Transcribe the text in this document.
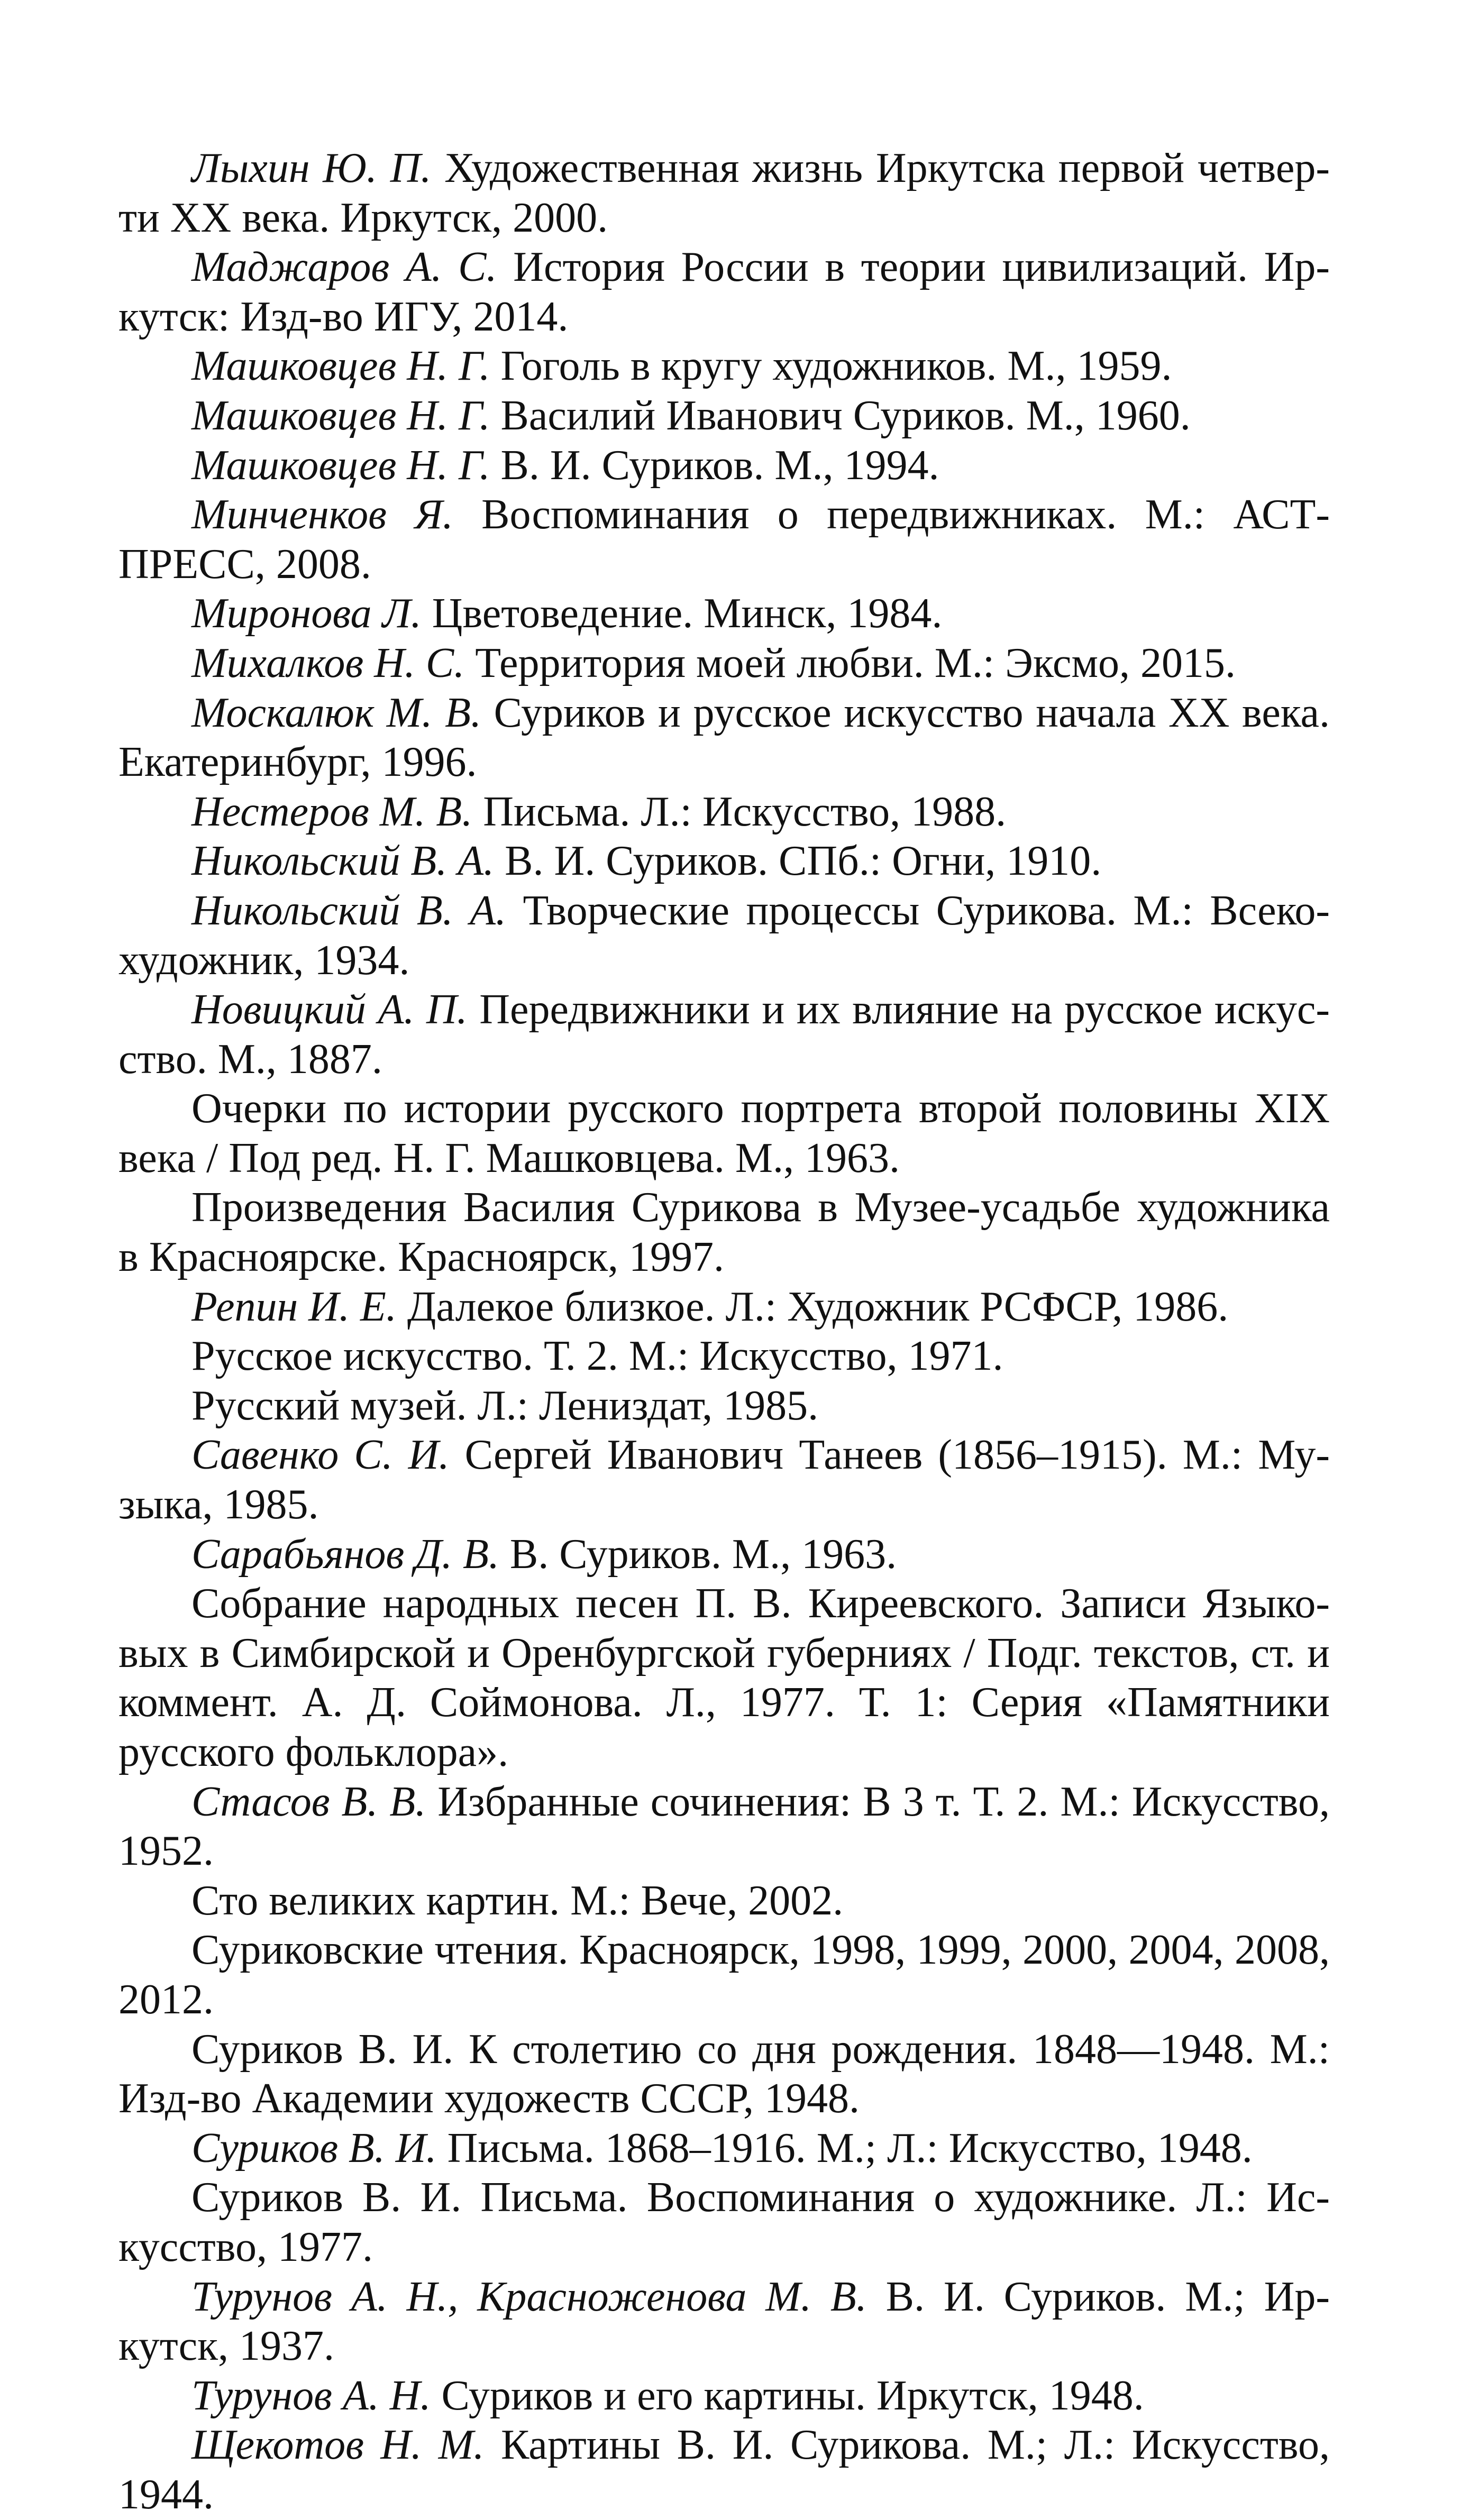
Лыхин Ю. П. Художественная жизнь Иркутска первой четверти XX века. Иркутск, 2000.
Маджаров А. С. История России в теории цивилизаций. Иркутск: Изд-во ИГУ, 2014.
Машковцев Н. Г. Гоголь в кругу художников. М., 1959.
Машковцев Н. Г. Василий Иванович Суриков. М., 1960.
Машковцев Н. Г. В. И. Суриков. М., 1994.
Минченков Я. Воспоминания о передвижниках. М.: АСТ-ПРЕСС, 2008.
Миронова Л. Цветоведение. Минск, 1984.
Михалков Н. С. Территория моей любви. М.: Эксмо, 2015.
Москалюк М. В. Суриков и русское искусство начала XX века. Екатеринбург, 1996.
Нестеров М. В. Письма. Л.: Искусство, 1988.
Никольский В. А. В. И. Суриков. СПб.: Огни, 1910.
Никольский В. А. Творческие процессы Сурикова. М.: Всекохудожник, 1934.
Новицкий А. П. Передвижники и их влияние на русское искусство. М., 1887.
Очерки по истории русского портрета второй половины XIX века / Под ред. Н. Г. Машковцева. М., 1963.
Произведения Василия Сурикова в Музее-усадьбе художника в Красноярске. Красноярск, 1997.
Репин И. Е. Далекое близкое. Л.: Художник РСФСР, 1986.
Русское искусство. Т. 2. М.: Искусство, 1971.
Русский музей. Л.: Лениздат, 1985.
Савенко С. И. Сергей Иванович Танеев (1856–1915). М.: Музыка, 1985.
Сарабьянов Д. В. В. Суриков. М., 1963.
Собрание народных песен П. В. Киреевского. Записи Языковых в Симбирской и Оренбургской губерниях / Подг. текстов, ст. и коммент. А. Д. Соймонова. Л., 1977. Т. 1: Серия «Памятники русского фольклора».
Стасов В. В. Избранные сочинения: В 3 т. Т. 2. М.: Искусство, 1952.
Сто великих картин. М.: Вече, 2002.
Суриковские чтения. Красноярск, 1998, 1999, 2000, 2004, 2008, 2012.
Суриков В. И. К столетию со дня рождения. 1848—1948. М.: Изд-во Академии художеств СССР, 1948.
Суриков В. И. Письма. 1868–1916. М.; Л.: Искусство, 1948.
Суриков В. И. Письма. Воспоминания о художнике. Л.: Искусство, 1977.
Турунов А. Н., Красноженова М. В. В. И. Суриков. М.; Иркутск, 1937.
Турунов А. Н. Суриков и его картины. Иркутск, 1948.
Щекотов Н. М. Картины В. И. Сурикова. М.; Л.: Искусство, 1944.
